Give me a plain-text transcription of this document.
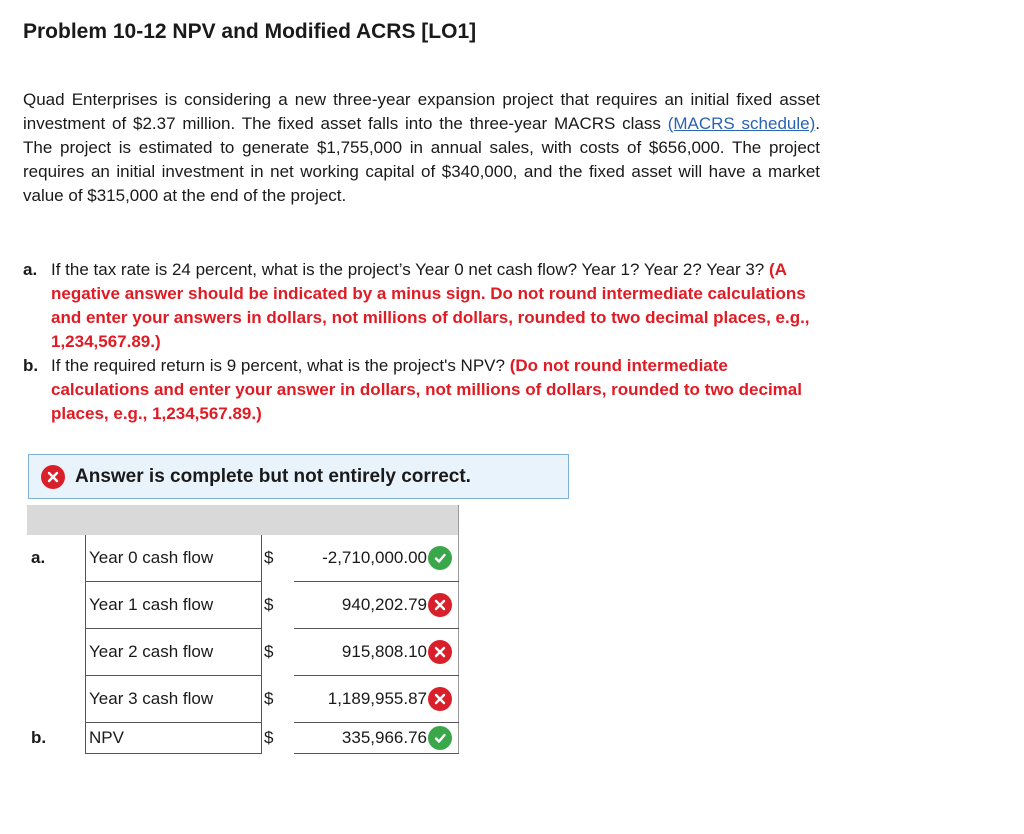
Problem 10-12 NPV and Modified ACRS [LO1]

Quad Enterprises is considering a new three-year expansion project that requires an initial fixed asset investment of $2.37 million. The fixed asset falls into the three-year MACRS class (MACRS schedule). The project is estimated to generate $1,755,000 in annual sales, with costs of $656,000. The project requires an initial investment in net working capital of $340,000, and the fixed asset will have a market value of $315,000 at the end of the project.

a. If the tax rate is 24 percent, what is the project’s Year 0 net cash flow? Year 1? Year 2? Year 3? (A negative answer should be indicated by a minus sign. Do not round intermediate calculations and enter your answers in dollars, not millions of dollars, rounded to two decimal places, e.g., 1,234,567.89.)
b. If the required return is 9 percent, what is the project's NPV? (Do not round intermediate calculations and enter your answer in dollars, not millions of dollars, rounded to two decimal places, e.g., 1,234,567.89.)
Answer is complete but not entirely correct.
a.	Year 0 cash flow	$	-2,710,000.00

	Year 1 cash flow	$	940,202.79

	Year 2 cash flow	$	915,808.10

	Year 3 cash flow	$	1,189,955.87

b.	NPV	$	335,966.76
